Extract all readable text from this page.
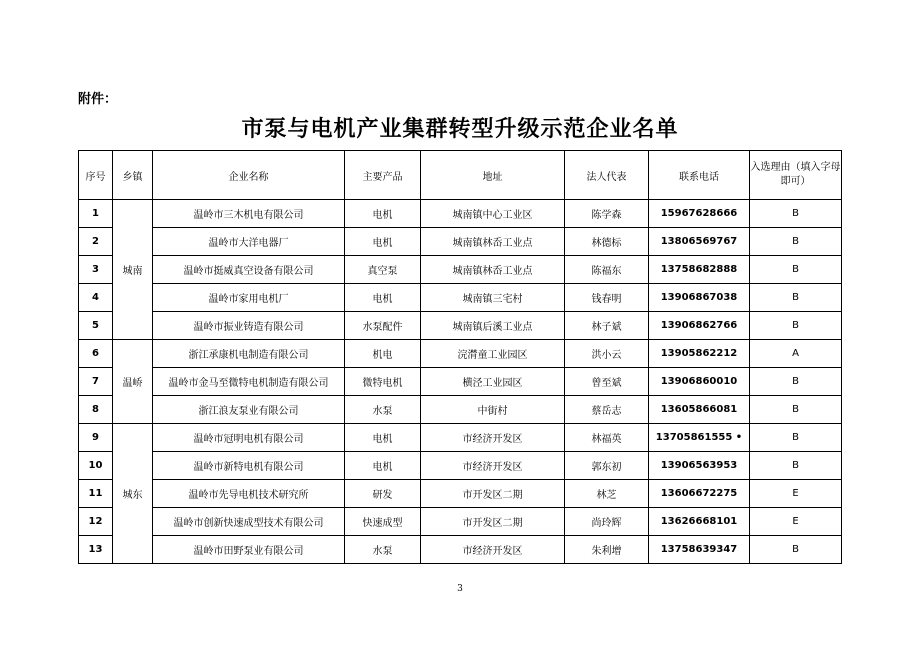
附件：
市泵与电机产业集群转型升级示范企业名单
序号	乡镇	企业名称	主要产品	地址	法人代表	联系电话	入选理由（填入字母即可）
1	城南	温岭市三木机电有限公司	电机	城南镇中心工业区	陈学森	15967628666	B
2		温岭市大洋电器厂	电机	城南镇林岙工业点	林德标	13806569767	B
3		温岭市挺威真空设备有限公司	真空泵	城南镇林岙工业点	陈福东	13758682888	B
4		温岭市家用电机厂	电机	城南镇三宅村	钱春明	13906867038	B
5		温岭市振业铸造有限公司	水泵配件	城南镇后溪工业点	林子斌	13906862766	B
6	温峤	浙江承康机电制造有限公司	机电	浣潸童工业园区	洪小云	13905862212	A
7		温岭市金马至微特电机制造有限公司	微特电机	横泾工业园区	曾至斌	13906860010	B
8		浙江浪友泵业有限公司	水泵	中街村	蔡岳志	13605866081	B
9	城东	温岭市冠明电机有限公司	电机	市经济开发区	林福英	13705861555 •	B
10		温岭市新特电机有限公司	电机	市经济开发区	郭东初	13906563953	B
11		温岭市先导电机技术研究所	研发	市开发区二期	林芝	13606672275	E
12		温岭市创新快速成型技术有限公司	快速成型	市开发区二期	尚玲辉	13626668101	E
13		温岭市田野泵业有限公司	水泵	市经济开发区	朱利增	13758639347	B
3
